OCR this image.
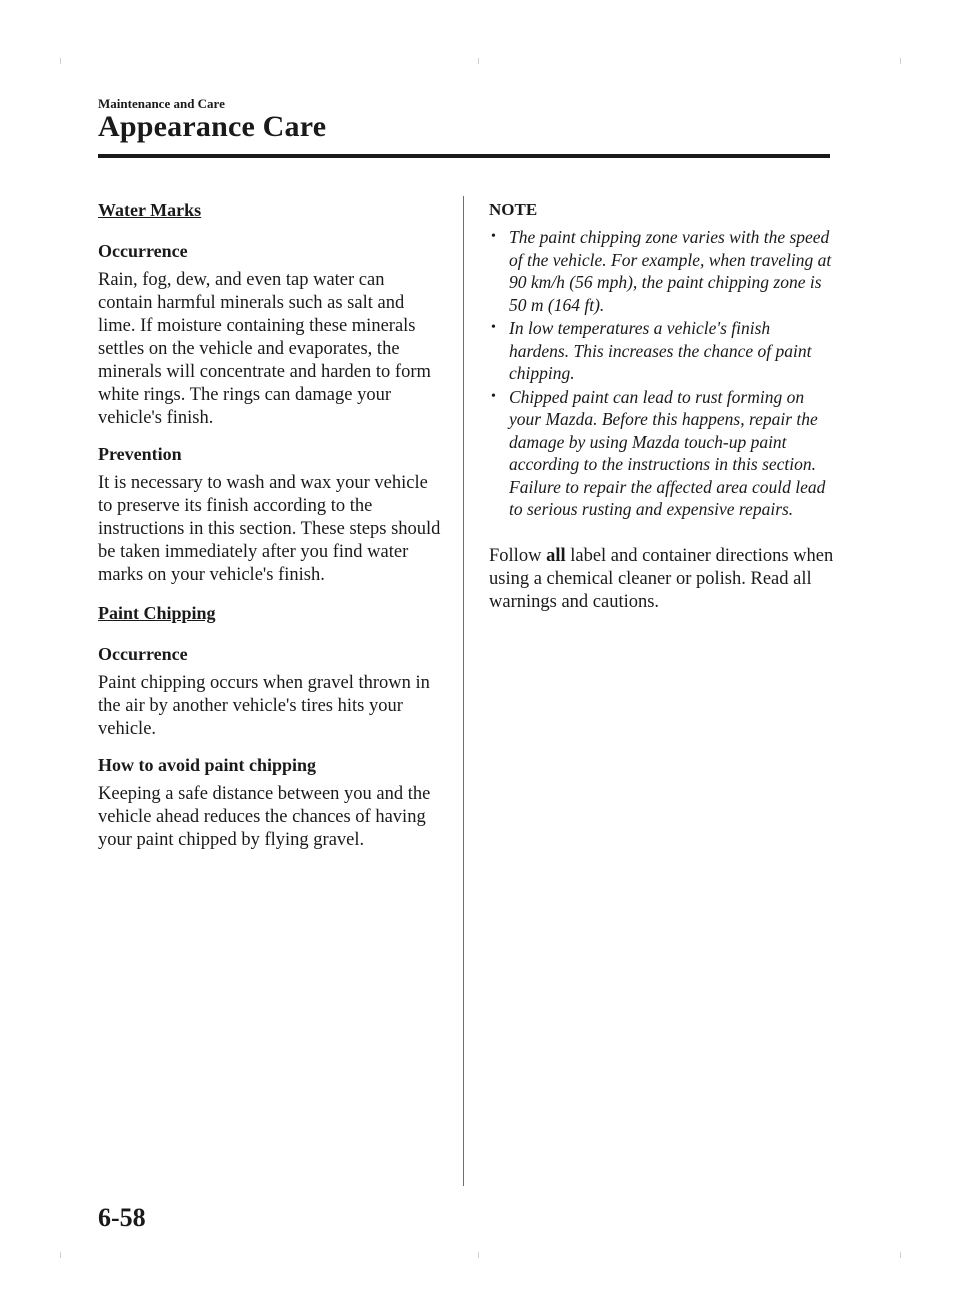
Maintenance and Care
Appearance Care
Water Marks
Occurrence

Rain, fog, dew, and even tap water can contain harmful minerals such as salt and lime. If moisture containing these minerals settles on the vehicle and evaporates, the minerals will concentrate and harden to form white rings. The rings can damage your vehicle's finish.

Prevention

It is necessary to wash and wax your vehicle to preserve its finish according to the instructions in this section. These steps should be taken immediately after you find water marks on your vehicle's finish.

Paint Chipping
Occurrence

Paint chipping occurs when gravel thrown in the air by another vehicle's tires hits your vehicle.

How to avoid paint chipping

Keeping a safe distance between you and the vehicle ahead reduces the chances of having your paint chipped by flying gravel.

NOTE
• The paint chipping zone varies with the speed of the vehicle. For example, when traveling at 90 km/h (56 mph), the paint chipping zone is 50 m (164 ft).
• In low temperatures a vehicle's finish hardens. This increases the chance of paint chipping.
• Chipped paint can lead to rust forming on your Mazda. Before this happens, repair the damage by using Mazda touch-up paint according to the instructions in this section. Failure to repair the affected area could lead to serious rusting and expensive repairs.

Follow all label and container directions when using a chemical cleaner or polish. Read all warnings and cautions.

6-58
